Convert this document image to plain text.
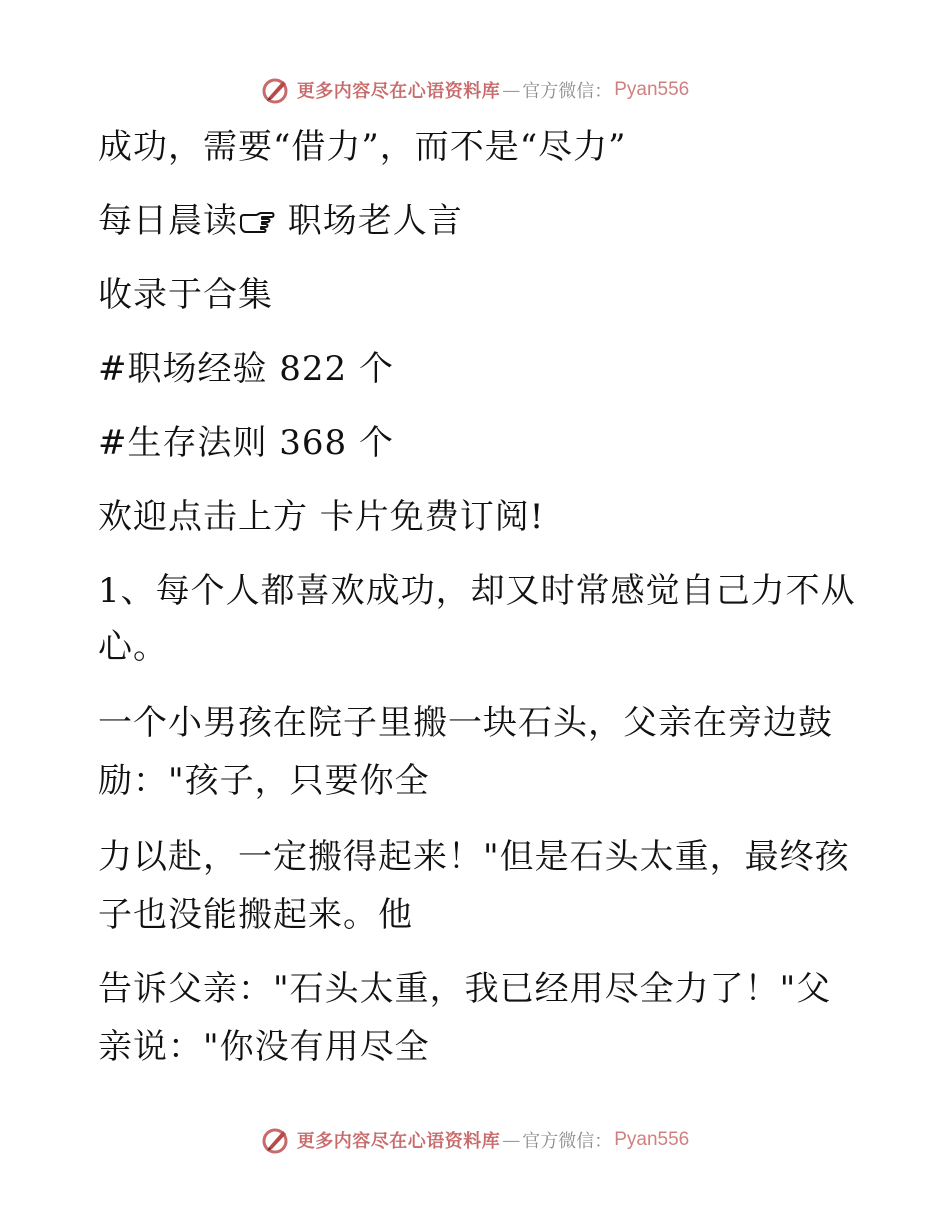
更多内容尽在心语资料库 — 官方微信： Pyan556
成功，需要“借力”，而不是“尽力”
每日晨读 职场老人言
收录于合集
#职场经验 822 个
#生存法则 368 个
欢迎点击上方 卡片免费订阅!
1、每个人都喜欢成功，却又时常感觉自己力不从
心。
一个小男孩在院子里搬一块石头，父亲在旁边鼓
励："孩子，只要你全
力以赴，一定搬得起来！"但是石头太重，最终孩
子也没能搬起来。他
告诉父亲："石头太重，我已经用尽全力了！"父
亲说："你没有用尽全
更多内容尽在心语资料库 — 官方微信： Pyan556
